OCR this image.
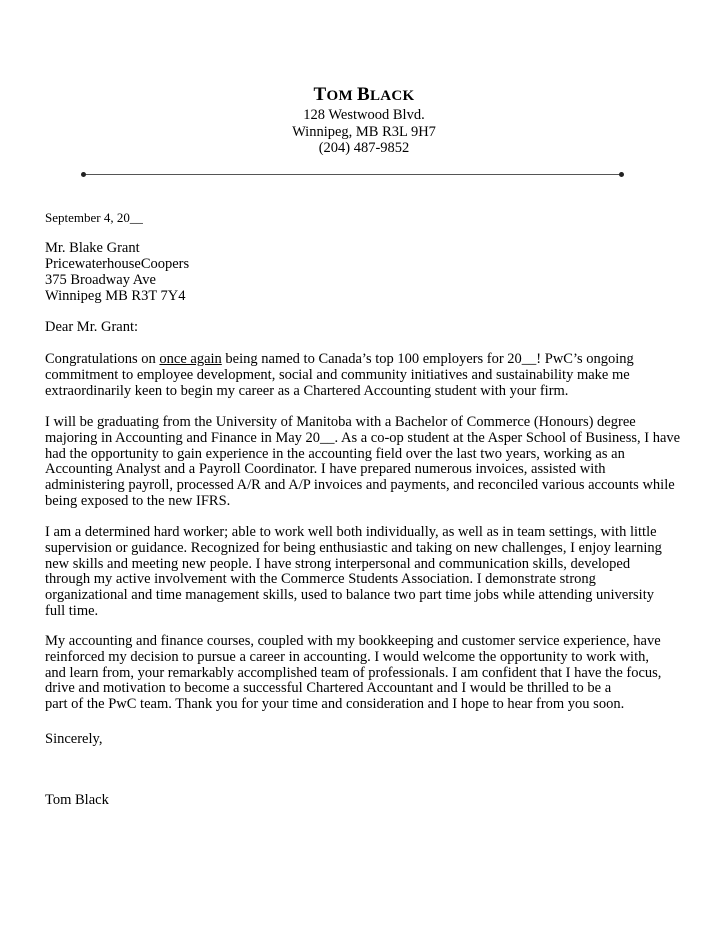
TOM BLACK
128 Westwood Blvd.
Winnipeg, MB R3L 9H7
(204) 487-9852
September 4, 20__
Mr. Blake Grant
PricewaterhouseCoopers
375 Broadway Ave
Winnipeg MB R3T 7Y4
Dear Mr. Grant:
Congratulations on once again being named to Canada’s top 100 employers for 20__! PwC’s ongoing
commitment to employee development, social and community initiatives and sustainability make me
extraordinarily keen to begin my career as a Chartered Accounting student with your firm.
I will be graduating from the University of Manitoba with a Bachelor of Commerce (Honours) degree
majoring in Accounting and Finance in May 20__. As a co-op student at the Asper School of Business, I have
had the opportunity to gain experience in the accounting field over the last two years, working as an
Accounting Analyst and a Payroll Coordinator. I have prepared numerous invoices, assisted with
administering payroll, processed A/R and A/P invoices and payments, and reconciled various accounts while
being exposed to the new IFRS.
I am a determined hard worker; able to work well both individually, as well as in team settings, with little
supervision or guidance. Recognized for being enthusiastic and taking on new challenges, I enjoy learning
new skills and meeting new people. I have strong interpersonal and communication skills, developed
through my active involvement with the Commerce Students Association. I demonstrate strong
organizational and time management skills, used to balance two part time jobs while attending university
full time.
My accounting and finance courses, coupled with my bookkeeping and customer service experience, have
reinforced my decision to pursue a career in accounting. I would welcome the opportunity to work with,
and learn from, your remarkably accomplished team of professionals. I am confident that I have the focus,
drive and motivation to become a successful Chartered Accountant and I would be thrilled to be a
part of the PwC team. Thank you for your time and consideration and I hope to hear from you soon.
Sincerely,
Tom Black
